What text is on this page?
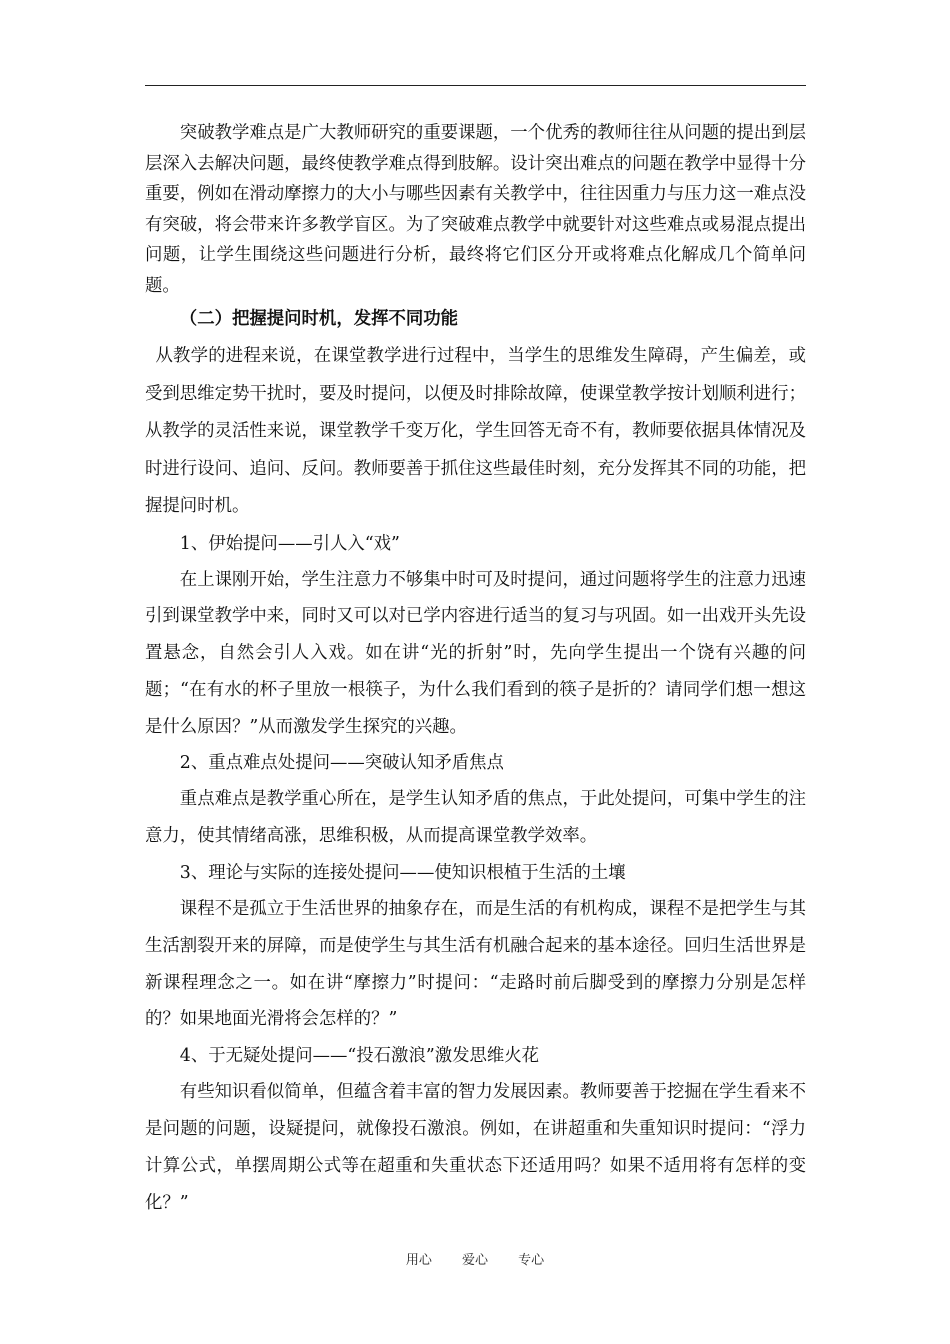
突破教学难点是广大教师研究的重要课题，一个优秀的教师往往从问题的提出到层层深入去解决问题，最终使教学难点得到肢解。设计突出难点的问题在教学中显得十分重要，例如在滑动摩擦力的大小与哪些因素有关教学中，往往因重力与压力这一难点没有突破，将会带来许多教学盲区。为了突破难点教学中就要针对这些难点或易混点提出问题，让学生围绕这些问题进行分析，最终将它们区分开或将难点化解成几个简单问题。

（二）把握提问时机，发挥不同功能

从教学的进程来说，在课堂教学进行过程中，当学生的思维发生障碍，产生偏差，或受到思维定势干扰时，要及时提问，以便及时排除故障，使课堂教学按计划顺利进行；从教学的灵活性来说，课堂教学千变万化，学生回答无奇不有，教师要依据具体情况及时进行设问、追问、反问。教师要善于抓住这些最佳时刻，充分发挥其不同的功能，把握提问时机。

1、伊始提问——引人入“戏”

在上课刚开始，学生注意力不够集中时可及时提问，通过问题将学生的注意力迅速引到课堂教学中来，同时又可以对已学内容进行适当的复习与巩固。如一出戏开头先设置悬念，自然会引人入戏。如在讲“光的折射”时，先向学生提出一个饶有兴趣的问题；“在有水的杯子里放一根筷子，为什么我们看到的筷子是折的？请同学们想一想这是什么原因？”从而激发学生探究的兴趣。

2、重点难点处提问——突破认知矛盾焦点

重点难点是教学重心所在，是学生认知矛盾的焦点，于此处提问，可集中学生的注意力，使其情绪高涨，思维积极，从而提高课堂教学效率。

3、理论与实际的连接处提问——使知识根植于生活的土壤

课程不是孤立于生活世界的抽象存在，而是生活的有机构成，课程不是把学生与其生活割裂开来的屏障，而是使学生与其生活有机融合起来的基本途径。回归生活世界是新课程理念之一。如在讲“摩擦力”时提问：“走路时前后脚受到的摩擦力分别是怎样的？如果地面光滑将会怎样的？”

4、于无疑处提问——“投石激浪”激发思维火花

有些知识看似简单，但蕴含着丰富的智力发展因素。教师要善于挖掘在学生看来不是问题的问题，设疑提问，就像投石激浪。例如，在讲超重和失重知识时提问：“浮力计算公式，单摆周期公式等在超重和失重状态下还适用吗？如果不适用将有怎样的变化？”

用心 爱心 专心
